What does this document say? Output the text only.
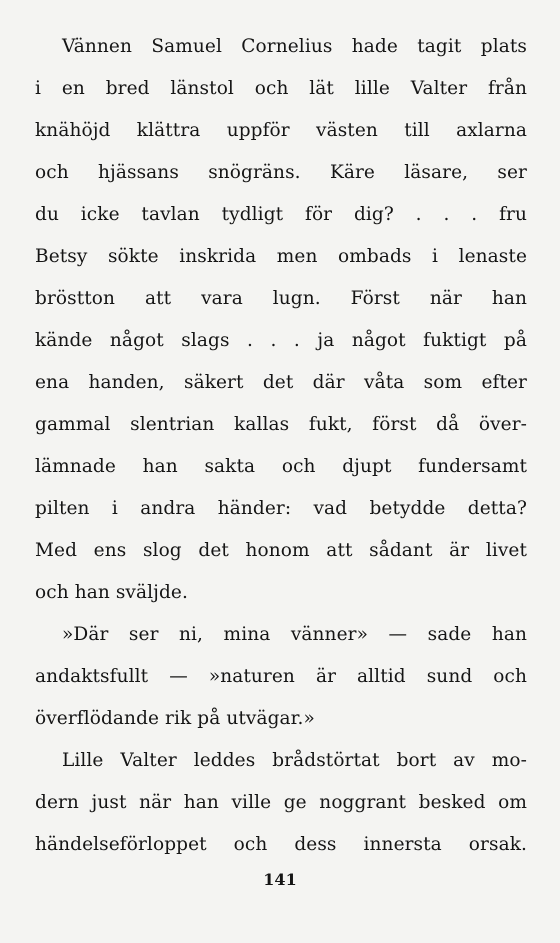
Vännen Samuel Cornelius hade tagit plats
i en bred länstol och lät lille Valter från
knähöjd klättra uppför västen till axlarna
och hjässans snögräns. Käre läsare, ser
du icke tavlan tydligt för dig? . . . fru
Betsy sökte inskrida men ombads i lenaste
bröstton att vara lugn. Först när han
kände något slags . . . ja något fuktigt på
ena handen, säkert det där våta som efter
gammal slentrian kallas fukt, först då över-
lämnade han sakta och djupt fundersamt
pilten i andra händer: vad betydde detta?
Med ens slog det honom att sådant är livet
och han sväljde.
»Där ser ni, mina vänner» — sade han
andaktsfullt — »naturen är alltid sund och
överflödande rik på utvägar.»
Lille Valter leddes brådstörtat bort av mo-
dern just när han ville ge noggrant besked om
händelseförloppet och dess innersta orsak.
141
